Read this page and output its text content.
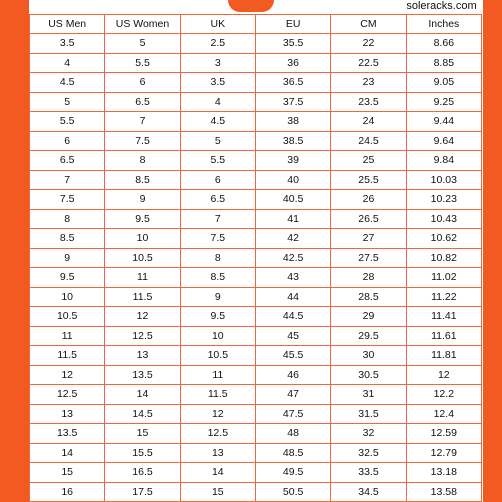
soleracks.com
US Men	US Women	UK	EU	CM	Inches
3.5	5	2.5	35.5	22	8.66
4	5.5	3	36	22.5	8.85
4.5	6	3.5	36.5	23	9.05
5	6.5	4	37.5	23.5	9.25
5.5	7	4.5	38	24	9.44
6	7.5	5	38.5	24.5	9.64
6.5	8	5.5	39	25	9.84
7	8.5	6	40	25.5	10.03
7.5	9	6.5	40.5	26	10.23
8	9.5	7	41	26.5	10.43
8.5	10	7.5	42	27	10.62
9	10.5	8	42.5	27.5	10.82
9.5	11	8.5	43	28	11.02
10	11.5	9	44	28.5	11.22
10.5	12	9.5	44.5	29	11.41
11	12.5	10	45	29.5	11.61
11.5	13	10.5	45.5	30	11.81
12	13.5	11	46	30.5	12
12.5	14	11.5	47	31	12.2
13	14.5	12	47.5	31.5	12.4
13.5	15	12.5	48	32	12.59
14	15.5	13	48.5	32.5	12.79
15	16.5	14	49.5	33.5	13.18
16	17.5	15	50.5	34.5	13.58
